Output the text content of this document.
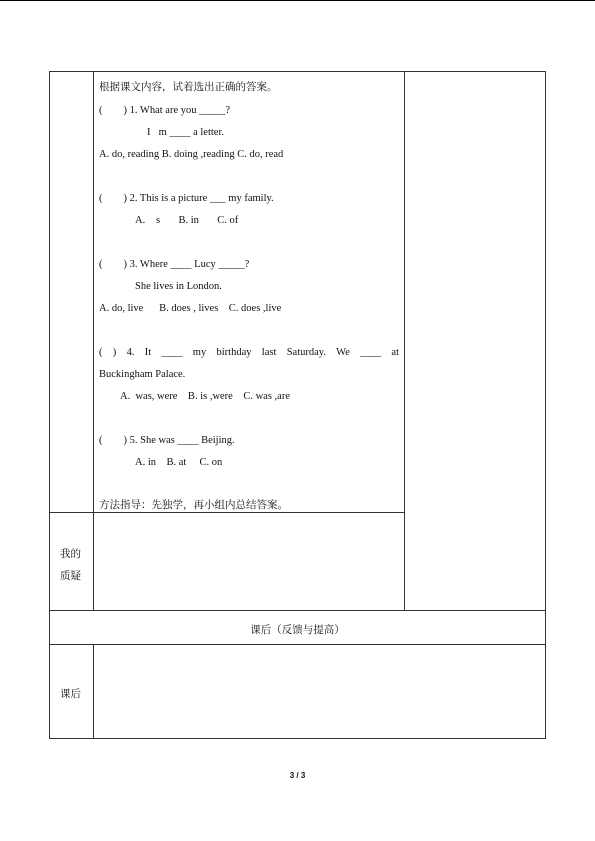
根据课文内容，试着选出正确的答案。
(        ) 1. What are you _____?
I m ____ a letter.
A. do, reading B. doing ,reading C. do, read
(        ) 2. This is a picture ___ my family.
A.  s       B. in       C. of
(        ) 3. Where ____ Lucy _____?
She lives in London.
A. do, live      B. does , lives    C. does ,live
( ) 4. It ____ my birthday last Saturday. We ____ at
Buckingham Palace.
A.  was, were    B. is ,were    C. was ,are
(        ) 5. She was ____ Beijing.
A. in    B. at     C. on
方法指导：先独学，再小组内总结答案。
我的
质疑
课后（反馈与提高）
课后
3 / 3
